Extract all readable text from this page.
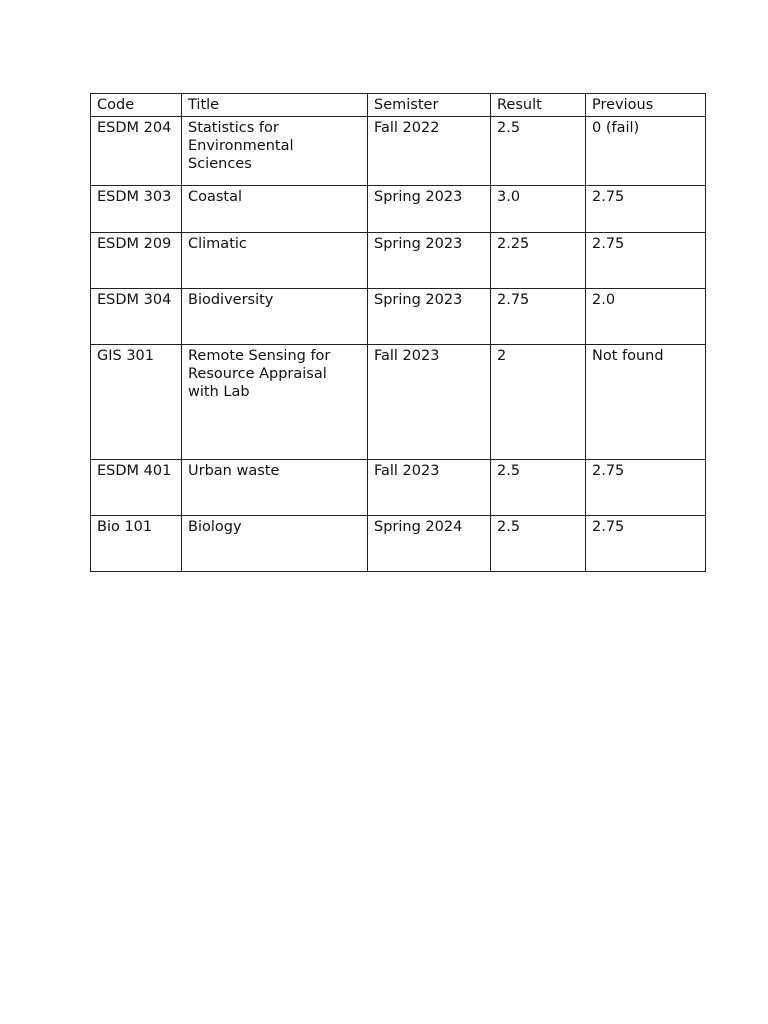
Code	Title	Semister	Result	Previous
ESDM 204	Statistics for Environmental Sciences	Fall 2022	2.5	0 (fail)
ESDM 303	Coastal	Spring 2023	3.0	2.75
ESDM 209	Climatic	Spring 2023	2.25	2.75
ESDM 304	Biodiversity	Spring 2023	2.75	2.0
GIS 301	Remote Sensing for Resource Appraisal with Lab	Fall 2023	2	Not found
ESDM 401	Urban waste	Fall 2023	2.5	2.75
Bio 101	Biology	Spring 2024	2.5	2.75
